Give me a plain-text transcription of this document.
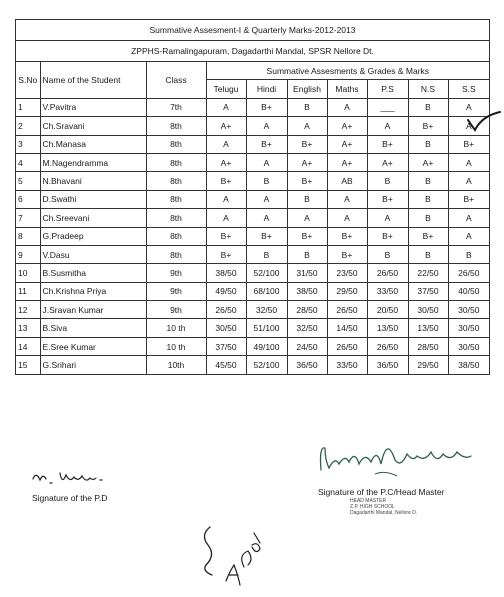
Summative Assesment-I & Quarterly Marks-2012-2013
ZPPHS-Ramalingapuram, Dagadarthi Mandal, SPSR Nellore Dt.
S.No	Name of the Student	Class	Summative Assesments & Grades & Marks						
			Telugu	Hindi	English	Maths	P.S	N.S	S.S
1	V.Pavitra	7th	A	B+	B	A	___	B	A
2	Ch.Sravani	8th	A+	A	A	A+	A	B+	A
3	Ch.Manasa	8th	A	B+	B+	A+	B+	B	B+
4	M.Nagendramma	8th	A+	A	A+	A+	A+	A+	A
5	N.Bhavani	8th	B+	B	B+	AB	B	B	A
6	D.Swathi	8th	A	A	B	A	B+	B	B+
7	Ch.Sreevani	8th	A	A	A	A	A	B	A
8	G.Pradeep	8th	B+	B+	B+	B+	B+	B+	A
9	V.Dasu	8th	B+	B	B	B+	B	B	B
10	B.Susmitha	9th	38/50	52/100	31/50	23/50	26/50	22/50	26/50
11	Ch.Krishna Priya	9th	49/50	68/100	38/50	29/50	33/50	37/50	40/50
12	J.Sravan Kumar	9th	26/50	32/50	28/50	26/50	20/50	30/50	30/50
13	B.Siva	10 th	30/50	51/100	32/50	14/50	13/50	13/50	30/50
14	E.Sree Kumar	10 th	37/50	49/100	24/50	26/50	26/50	28/50	30/50
15	G.Srihari	10th	45/50	52/100	36/50	33/50	36/50	29/50	38/50
Signature of the P.D
Signature of the P.C/Head Master
HEAD MASTER
Z.P. HIGH SCHOOL
Dagadarthi Mandal, Nellore D.
